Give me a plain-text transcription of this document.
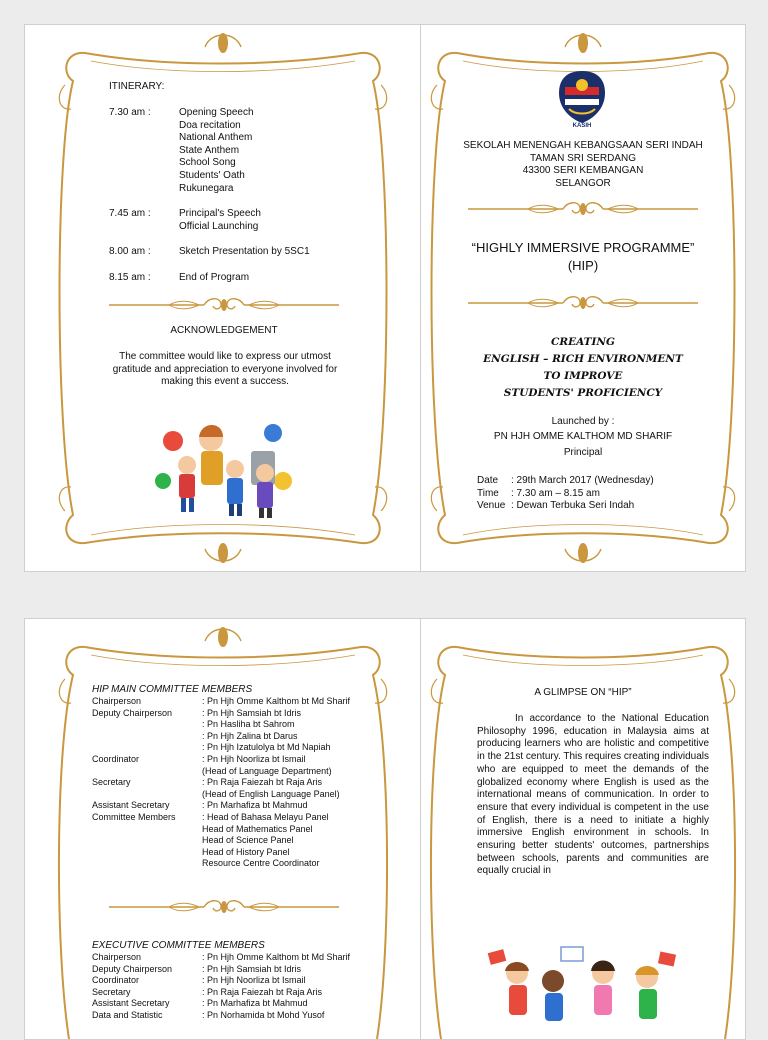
ITINERARY:
7.30 am :	Opening Speech
Doa recitation
National Anthem
State Anthem
School Song
Students' Oath
Rukunegara
7.45 am :	Principal's Speech
Official Launching
8.00 am :	Sketch Presentation by 5SC1
8.15 am :	End of Program
ACKNOWLEDGEMENT
The committee would like to express our utmost gratitude and appreciation to everyone involved for making this event a success.
KASIH
SEKOLAH MENENGAH KEBANGSAAN SERI INDAH
TAMAN SRI SERDANG
43300 SERI KEMBANGAN
SELANGOR
“HIGHLY IMMERSIVE PROGRAMME”
(HIP)
CREATING
ENGLISH – RICH ENVIRONMENT
TO IMPROVE
STUDENTS' PROFICIENCY
Launched by :
PN HJH OMME KALTHOM MD SHARIF
Principal
Date	: 29th March 2017 (Wednesday)
Time	: 7.30 am – 8.15 am
Venue : Dewan Terbuka Seri Indah
HIP MAIN COMMITTEE MEMBERS
Chairperson	: Pn Hjh Omme Kalthom bt Md Sharif
Deputy Chairperson	: Pn Hjh Samsiah bt Idris
: Pn Hasliha bt Sahrom
: Pn Hjh Zalina bt Darus
: Pn Hjh Izatulolya bt Md Napiah
Coordinator	: Pn Hjh Noorliza bt Ismail
(Head of Language Department)
Secretary	: Pn Raja Faiezah bt Raja Aris
(Head of English Language Panel)
Assistant Secretary	: Pn Marhafiza bt Mahmud
Committee Members	: Head of Bahasa Melayu Panel
Head of Mathematics Panel
Head of Science Panel
Head of History Panel
Resource Centre Coordinator
EXECUTIVE COMMITTEE MEMBERS
Chairperson	: Pn Hjh Omme Kalthom bt Md Sharif
Deputy Chairperson	: Pn Hjh Samsiah bt Idris
Coordinator	: Pn Hjh Noorliza bt Ismail
Secretary	: Pn Raja Faiezah bt Raja Aris
Assistant Secretary	: Pn Marhafiza bt Mahmud
Data and Statistic	: Pn Norhamida bt Mohd Yusof
A GLIMPSE ON “HIP”
In accordance to the National Education Philosophy 1996, education in Malaysia aims at producing learners who are holistic and competitive in the 21st century. This requires creating individuals who are equipped to meet the demands of the globalized economy where English is used as the international means of communication. In order to ensure that every individual is competent in the use of English, there is a need to initiate a highly immersive English environment in schools. In ensuring better students' outcomes, partnerships between schools, parents and communities are equally crucial in
